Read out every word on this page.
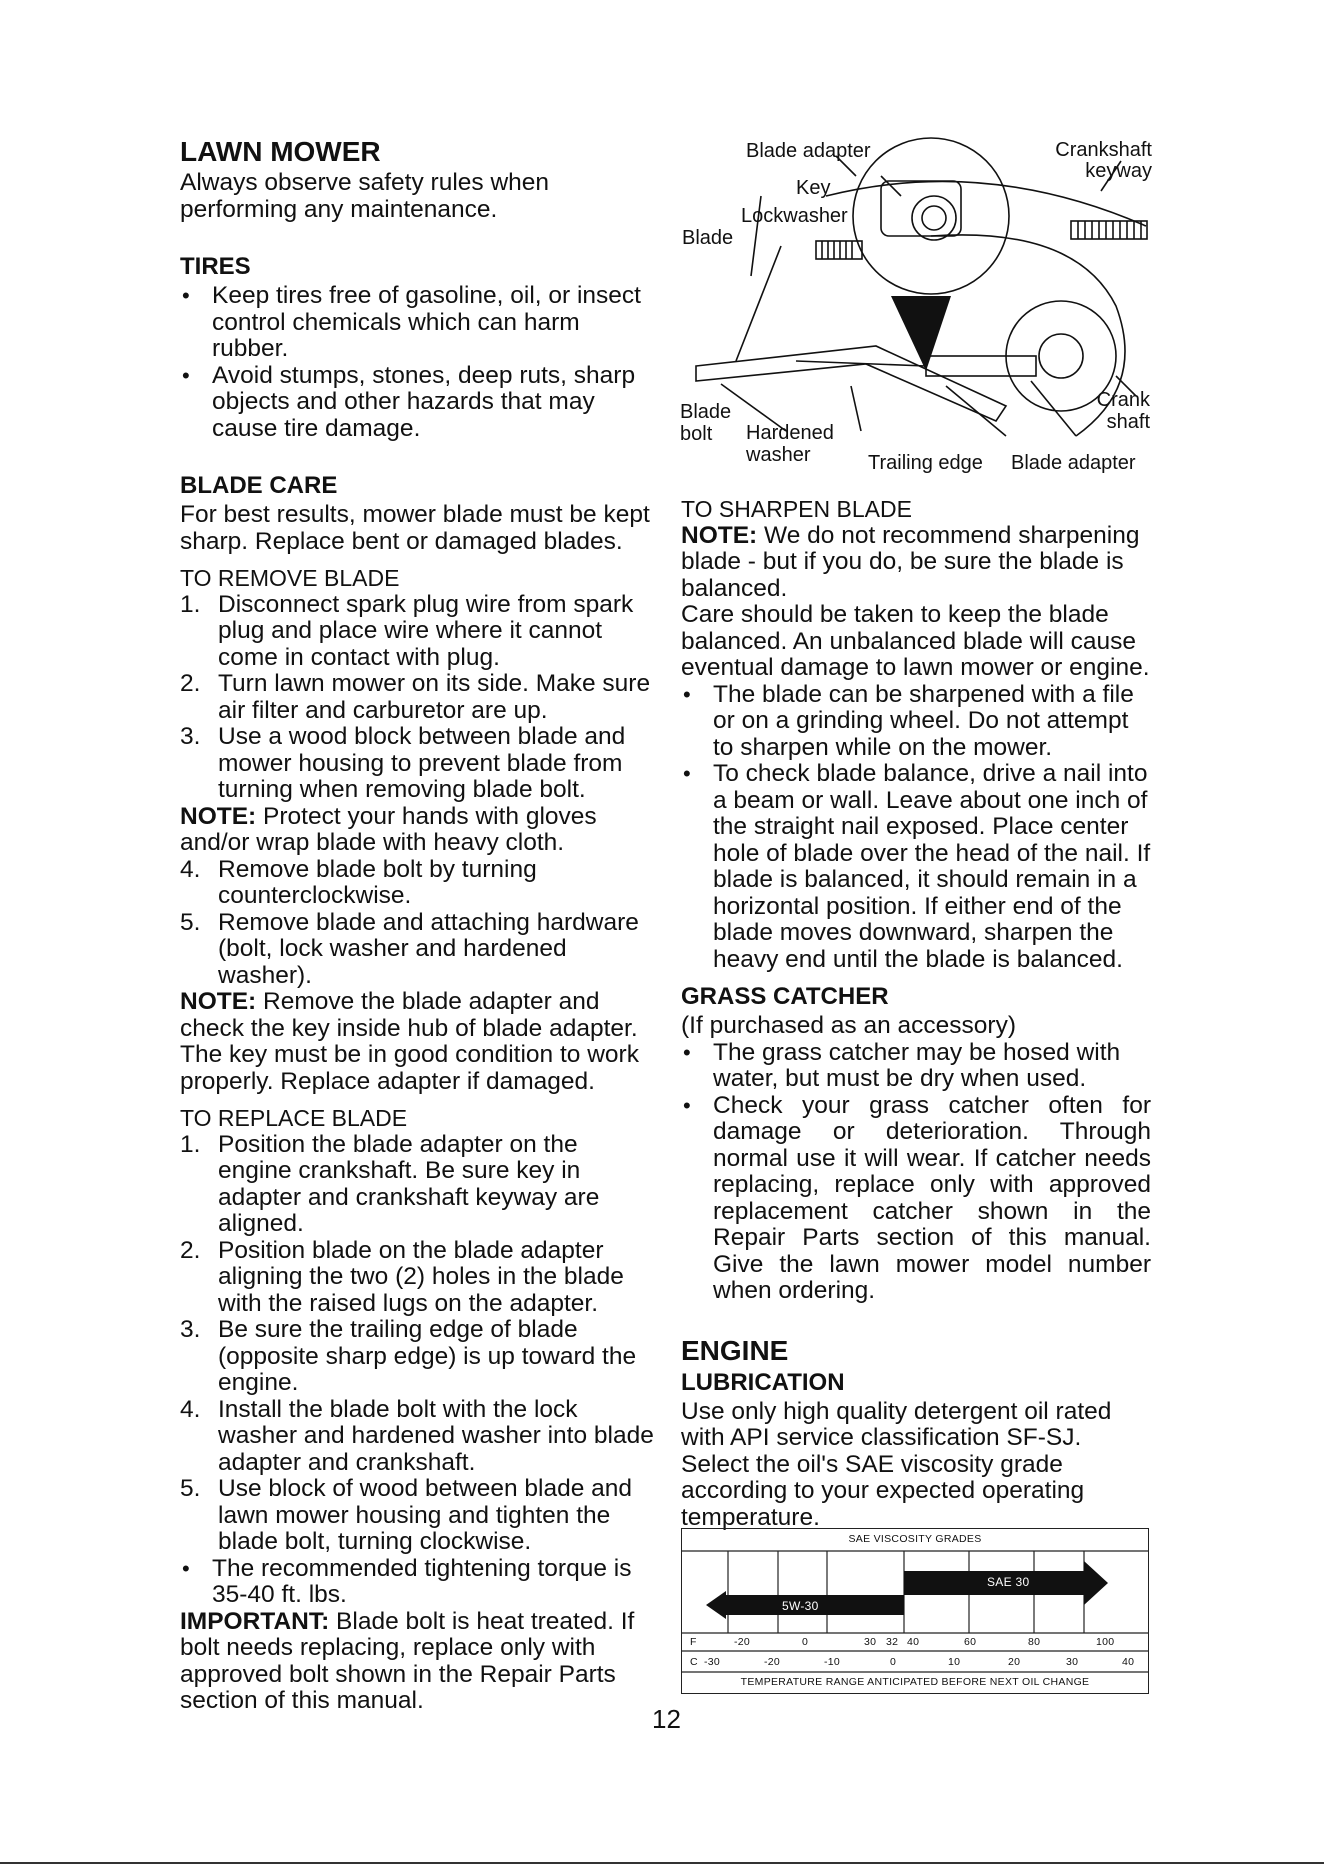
LAWN MOWER

Always observe safety rules when performing any maintenance.

TIRES
• Keep tires free of gasoline, oil, or insect control chemicals which can harm rubber.
• Avoid stumps, stones, deep ruts, sharp objects and other hazards that may cause tire damage.
BLADE CARE

For best results, mower blade must be kept sharp. Replace bent or damaged blades.

TO REMOVE BLADE

1. Disconnect spark plug wire from spark plug and place wire where it cannot come in contact with plug.
2. Turn lawn mower on its side. Make sure air filter and carburetor are up.
3. Use a wood block between blade and mower housing to prevent blade from turning when removing blade bolt.

NOTE: Protect your hands with gloves and/or wrap blade with heavy cloth.

4. Remove blade bolt by turning counterclockwise.
5. Remove blade and attaching hardware (bolt, lock washer and hardened washer).

NOTE: Remove the blade adapter and check the key inside hub of blade adapter. The key must be in good condition to work properly. Replace adapter if damaged.

TO REPLACE BLADE

1. Position the blade adapter on the engine crankshaft. Be sure key in adapter and crankshaft keyway are aligned.
2. Position blade on the blade adapter aligning the two (2) holes in the blade with the raised lugs on the adapter.
3. Be sure the trailing edge of blade (opposite sharp edge) is up toward the engine.
4. Install the blade bolt with the lock washer and hardened washer into blade adapter and crankshaft.
5. Use block of wood between blade and lawn mower housing and tighten the blade bolt, turning clockwise.
• The recommended tightening torque is 35-40 ft. lbs.

IMPORTANT: Blade bolt is heat treated. If bolt needs replacing, replace only with approved bolt shown in the Repair Parts section of this manual.

Blade adapter	Crankshaft keyway
Key
Lockwasher
Blade
Blade bolt	Hardened washer	Trailing edge
Crank shaft
Blade adapter

TO SHARPEN BLADE

NOTE: We do not recommend sharpening blade - but if you do, be sure the blade is balanced.

Care should be taken to keep the blade balanced. An unbalanced blade will cause eventual damage to lawn mower or engine.

• The blade can be sharpened with a file or on a grinding wheel. Do not attempt to sharpen while on the mower.
• To check blade balance, drive a nail into a beam or wall. Leave about one inch of the straight nail exposed. Place center hole of blade over the head of the nail. If blade is balanced, it should remain in a horizontal position. If either end of the blade moves downward, sharpen the heavy end until the blade is balanced.
GRASS CATCHER

(If purchased as an accessory)

• The grass catcher may be hosed with water, but must be dry when used.
• Check your grass catcher often for damage or deterioration. Through normal use it will wear. If catcher needs replacing, replace only with approved replacement catcher shown in the Repair Parts section of this manual. Give the lawn mower model number when ordering.
ENGINE
LUBRICATION

Use only high quality detergent oil rated with API service classification SF-SJ. Select the oil's SAE viscosity grade according to your expected operating temperature.

SAE VISCOSITY GRADES
SAE 30
5W-30
F
C
-20	0	30 32 40	60	80	100
-30	-20	-10	0	10	20	30	40
TEMPERATURE RANGE ANTICIPATED BEFORE NEXT OIL CHANGE
12
